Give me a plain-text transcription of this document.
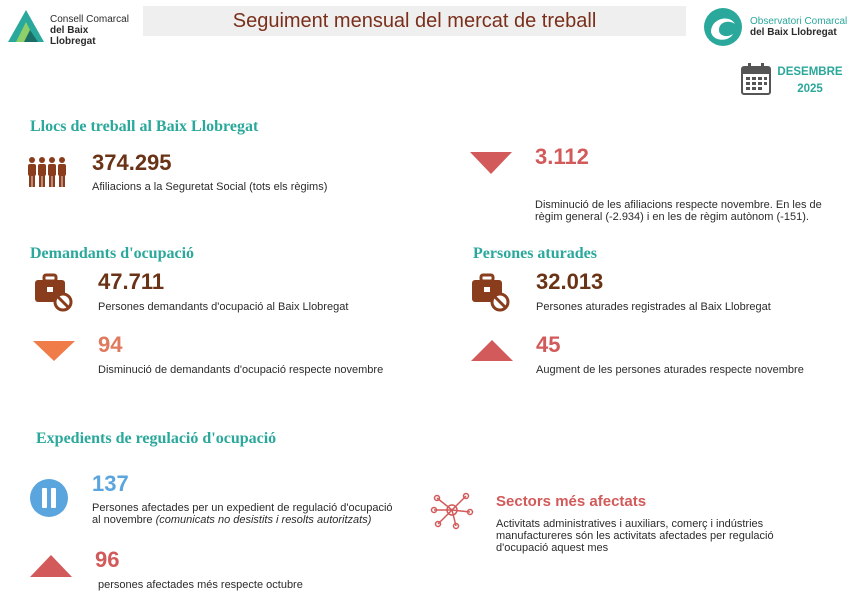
Consell Comarcal
del Baix Llobregat
Seguiment mensual del mercat de treball	Observatori Comarcal
del Baix Llobregat
DESEMBRE
2025
Llocs de treball al Baix Llobregat
374.295
Afiliacions a la Seguretat Social (tots els règims)
3.112
Disminució de les afiliacions respecte novembre. En les de règim general (-2.934) i en les de règim autònom (-151).
Demandants d'ocupació
47.711
Persones demandants d'ocupació al Baix Llobregat
94
Disminució de demandants d'ocupació respecte novembre
Persones aturades
32.013
Persones aturades registrades al Baix Llobregat
45
Augment de les persones aturades respecte novembre
Expedients de regulació d'ocupació
137
Persones afectades per un expedient de regulació d'ocupació al novembre (comunicats no desistits i resolts autoritzats)
96
persones afectades més respecte octubre
Sectors més afectats
Activitats administratives i auxiliars, comerç i indústries manufactureres són les activitats afectades per regulació d'ocupació aquest mes
